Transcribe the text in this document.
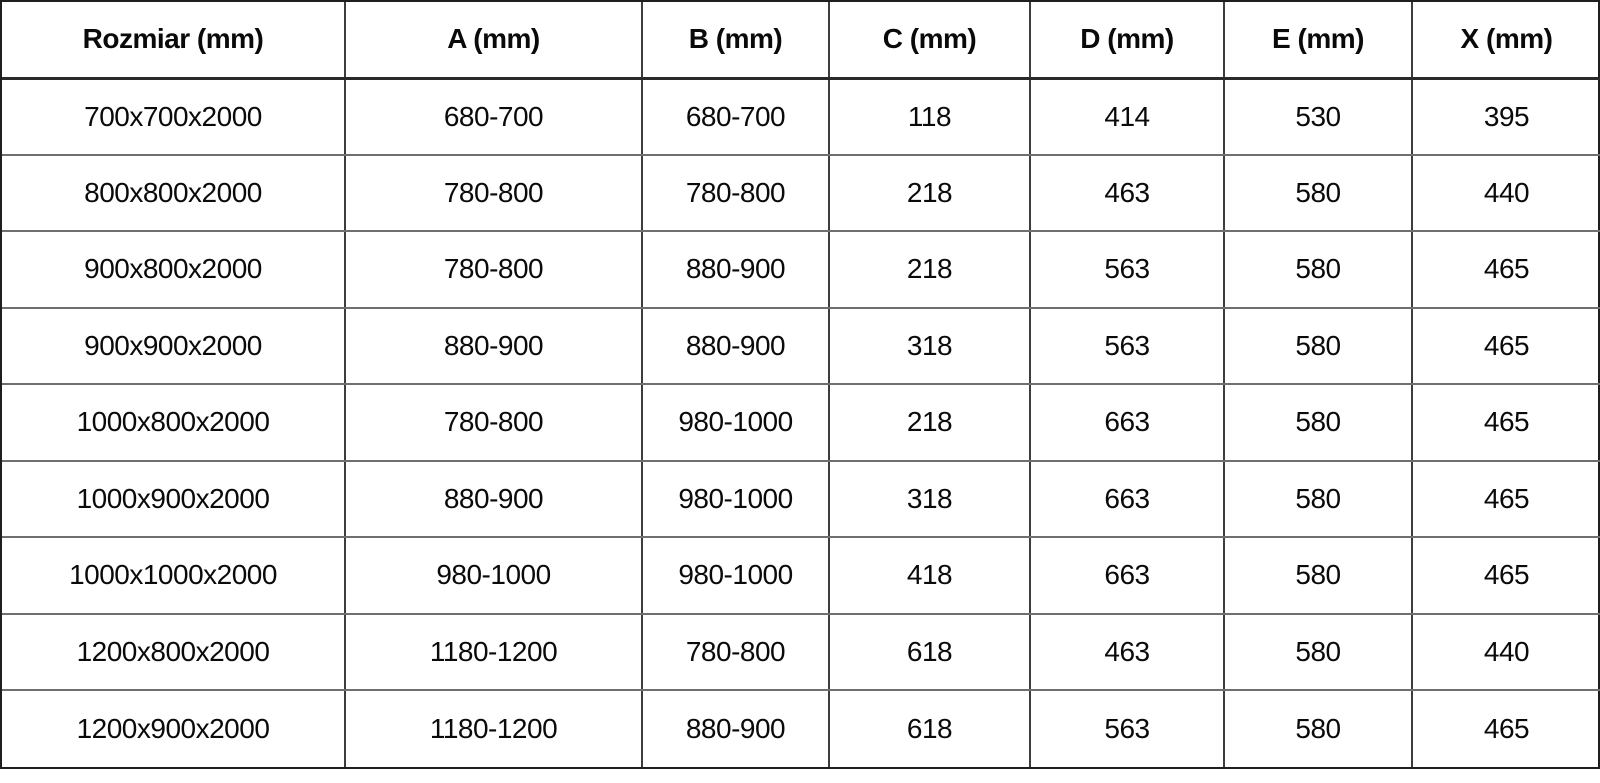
Rozmiar (mm)	A (mm)	B (mm)	C (mm)	D (mm)	E (mm)	X (mm)
700x700x2000	680-700	680-700	118	414	530	395
800x800x2000	780-800	780-800	218	463	580	440
900x800x2000	780-800	880-900	218	563	580	465
900x900x2000	880-900	880-900	318	563	580	465
1000x800x2000	780-800	980-1000	218	663	580	465
1000x900x2000	880-900	980-1000	318	663	580	465
1000x1000x2000	980-1000	980-1000	418	663	580	465
1200x800x2000	1180-1200	780-800	618	463	580	440
1200x900x2000	1180-1200	880-900	618	563	580	465
